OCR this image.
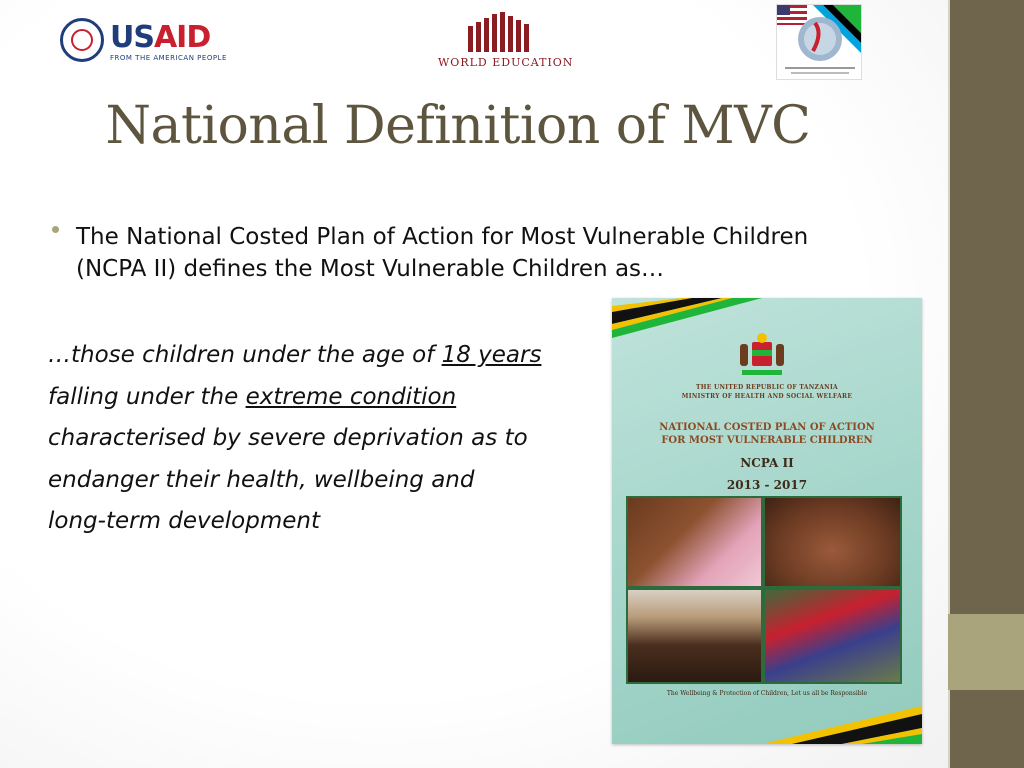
USAID
FROM THE AMERICAN PEOPLE	WORLD EDUCATION
National Definition of MVC
The National Costed Plan of Action for Most Vulnerable Children (NCPA II) defines the Most Vulnerable Children as…
…those children under the age of 18 years
falling under the extreme condition
characterised by severe deprivation as to
endanger their health, wellbeing and
long-term development
THE UNITED REPUBLIC OF TANZANIA
MINISTRY OF HEALTH AND SOCIAL WELFARE
NATIONAL COSTED PLAN OF ACTION
FOR MOST VULNERABLE CHILDREN
NCPA II
2013 - 2017
The Wellbeing & Protection of Children, Let us all be Responsible
